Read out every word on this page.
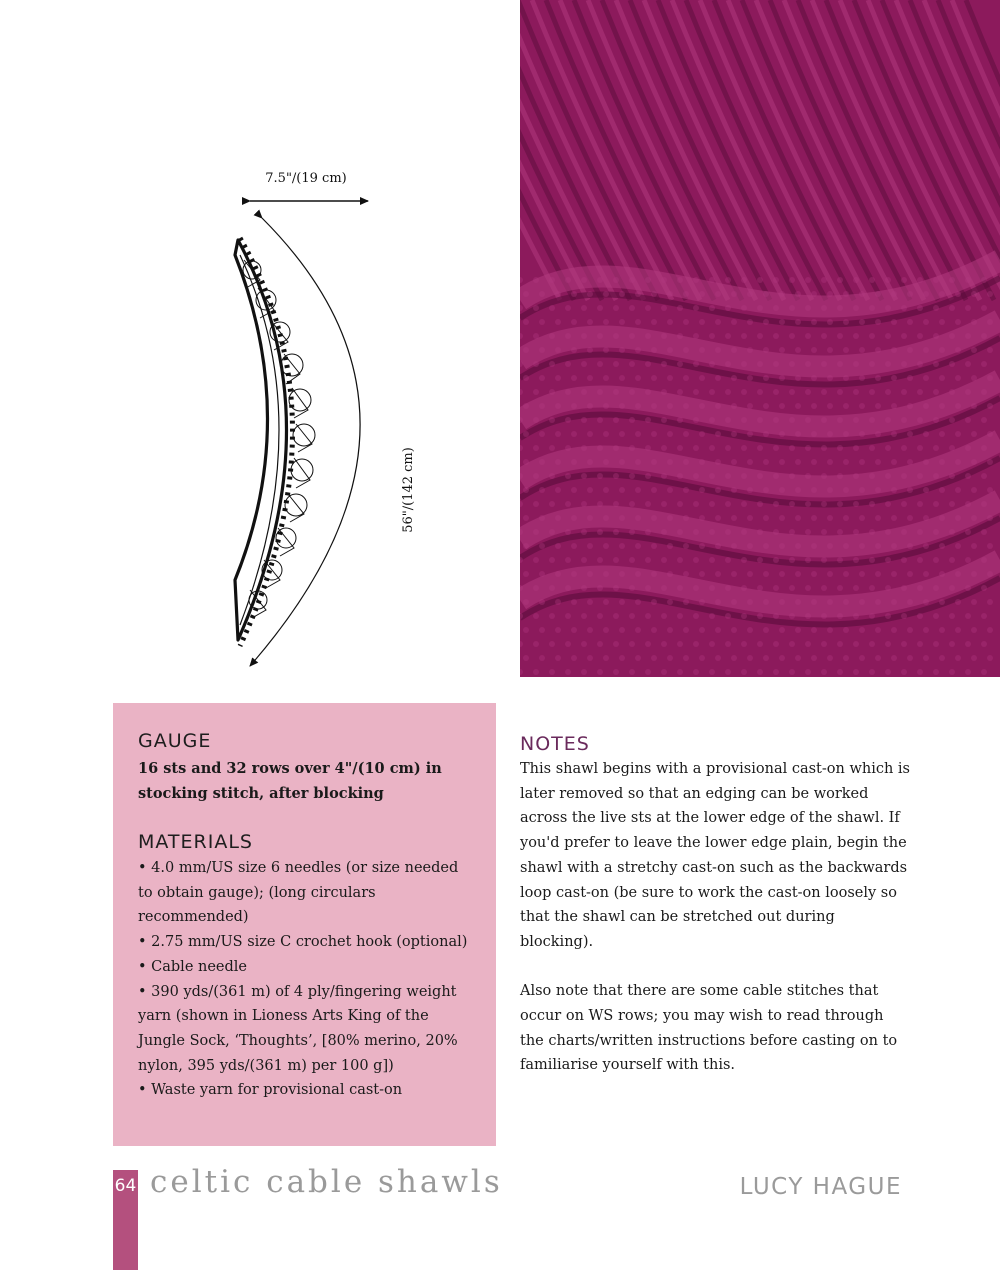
7.5"/(19 cm)
56"/(142 cm)
GAUGE

16 sts and 32 rows over 4"/(10 cm) in stocking stitch, after blocking

MATERIALS
• 4.0 mm/US size 6 needles (or size needed to obtain gauge); (long circulars recommended)
• 2.75 mm/US size C crochet hook (optional)
• Cable needle
• 390 yds/(361 m) of 4 ply/fingering weight yarn (shown in Lioness Arts King of the Jungle Sock, ‘Thoughts’, [80% merino, 20% nylon, 395 yds/(361 m) per 100 g])
• Waste yarn for provisional cast-on
NOTES

This shawl begins with a provisional cast-on which is later removed so that an edging can be worked across the live sts at the lower edge of the shawl. If you'd prefer to leave the lower edge plain, begin the shawl with a stretchy cast-on such as the backwards loop cast-on (be sure to work the cast-on loosely so that the shawl can be stretched out during blocking).

Also note that there are some cable stitches that occur on WS rows; you may wish to read through the charts/written instructions before casting on to familiarise yourself with this.

64 celtic cable shawls	LUCY HAGUE
